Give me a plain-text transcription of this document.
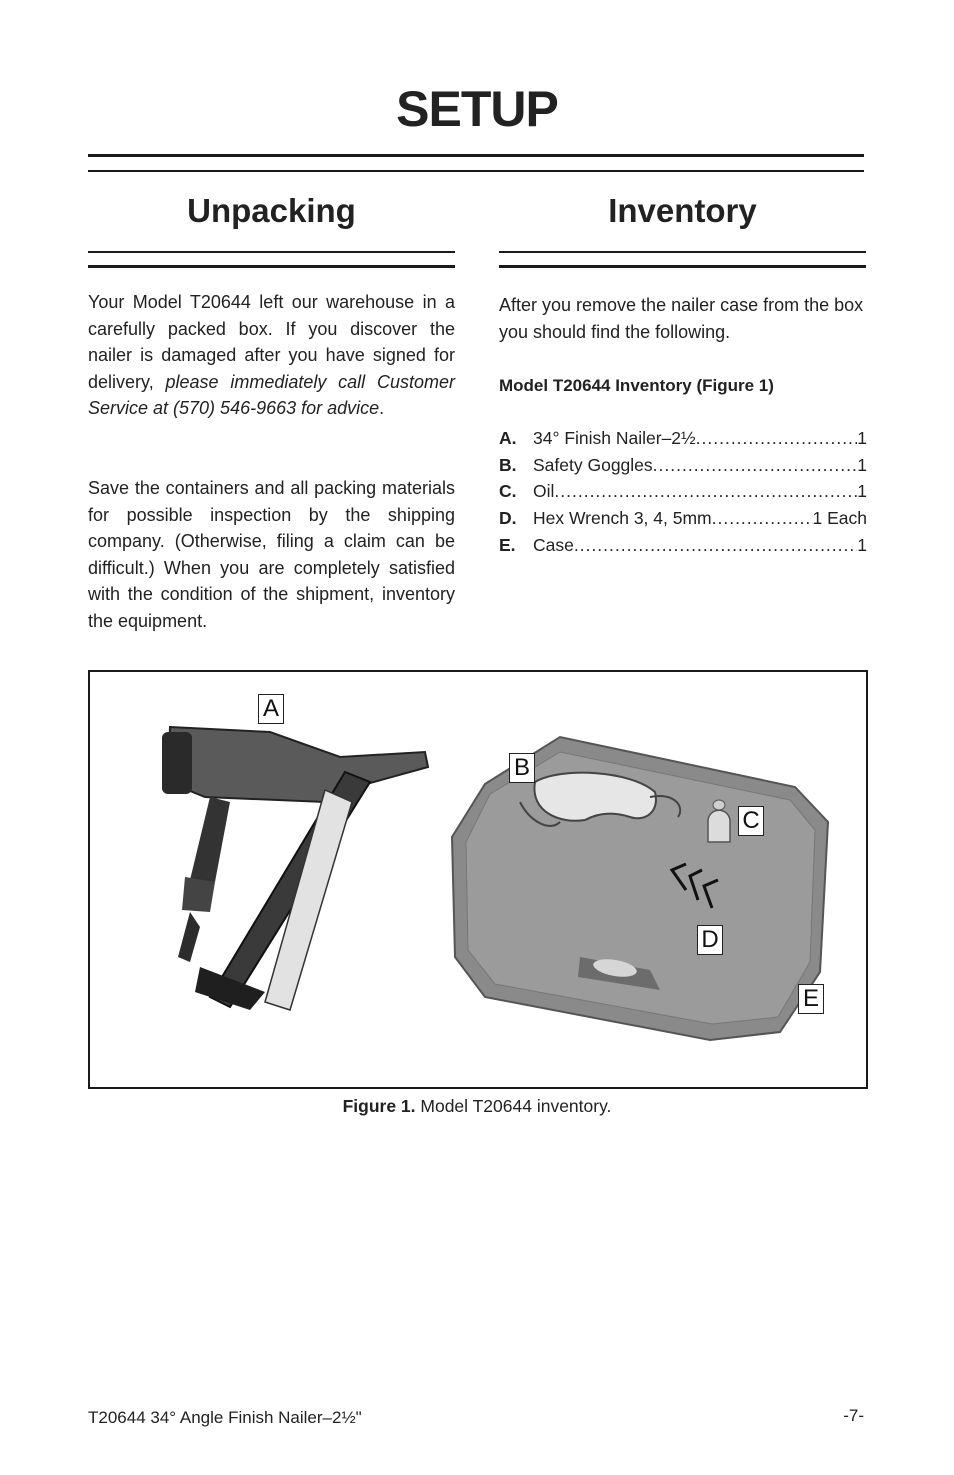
SETUP
Unpacking
Your Model T20644 left our warehouse in a carefully packed box. If you discover the nailer is damaged after you have signed for delivery, please immediately call Customer Service at (570) 546-9663 for advice.
Save the containers and all packing materials for possible inspection by the shipping company. (Otherwise, filing a claim can be difficult.) When you are completely satisfied with the condition of the shipment, inventory the equipment.
Inventory
After you remove the nailer case from the box you should find the following.
Model T20644 Inventory (Figure 1)
A. 34° Finish Nailer–2½ .....	1
B. Safety Goggles .....	1
C. Oil .....	1
D. Hex Wrench 3, 4, 5mm .....	1 Each
E. Case .....	1
A
B
C
D
E
Figure 1. Model T20644 inventory.
T20644 34° Angle Finish Nailer–2½"	-7-
